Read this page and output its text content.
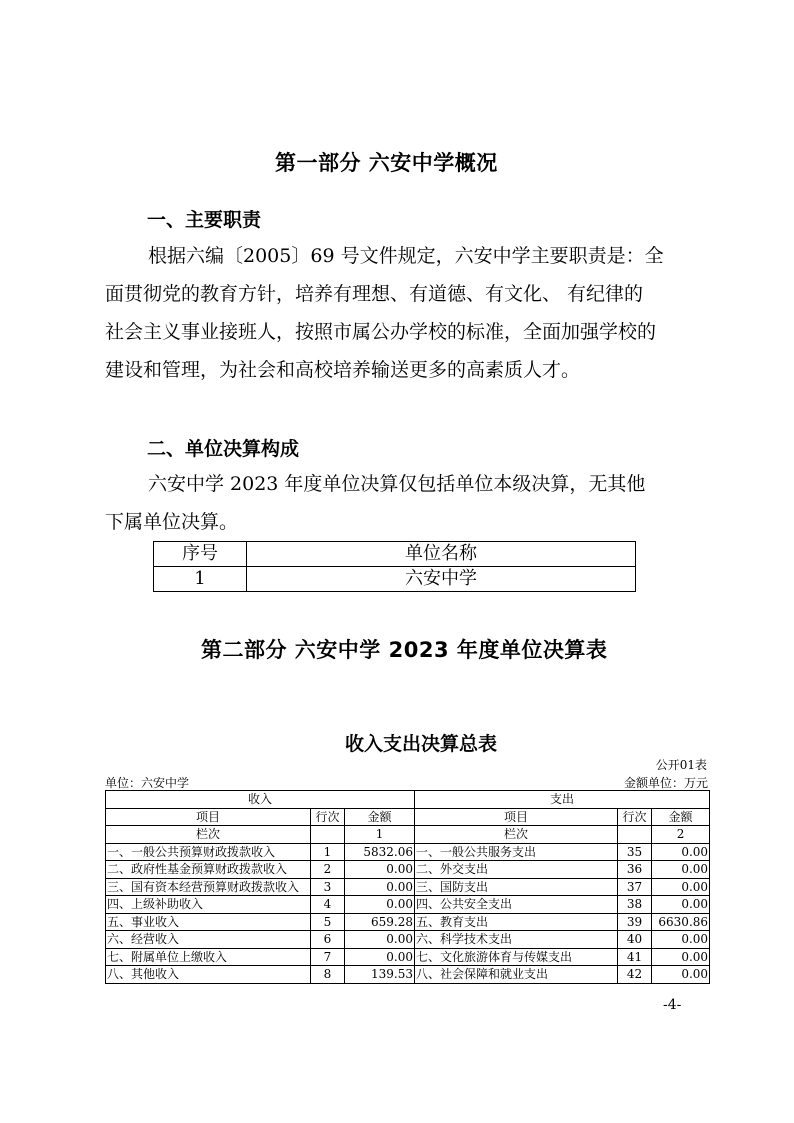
第一部分 六安中学概况
一、主要职责
根据六编〔2005〕69 号文件规定，六安中学主要职责是：全
面贯彻党的教育方针，培养有理想、有道德、有文化、 有纪律的
社会主义事业接班人，按照市属公办学校的标准，全面加强学校的
建设和管理，为社会和高校培养输送更多的高素质人才。
二、单位决算构成
六安中学 2023 年度单位决算仅包括单位本级决算，无其他
下属单位决算。
序号	单位名称
1	六安中学
第二部分 六安中学 2023 年度单位决算表
收入支出决算总表
公开01表
单位：六安中学	金额单位：万元
收入			支出		
项目	行次	金额	项目	行次	金额
栏次		1	栏次		2
一、一般公共预算财政拨款收入	1	5832.06	一、一般公共服务支出	35	0.00
二、政府性基金预算财政拨款收入	2	0.00	二、外交支出	36	0.00
三、国有资本经营预算财政拨款收入	3	0.00	三、国防支出	37	0.00
四、上级补助收入	4	0.00	四、公共安全支出	38	0.00
五、事业收入	5	659.28	五、教育支出	39	6630.86
六、经营收入	6	0.00	六、科学技术支出	40	0.00
七、附属单位上缴收入	7	0.00	七、文化旅游体育与传媒支出	41	0.00
八、其他收入	8	139.53	八、社会保障和就业支出	42	0.00
-4-
